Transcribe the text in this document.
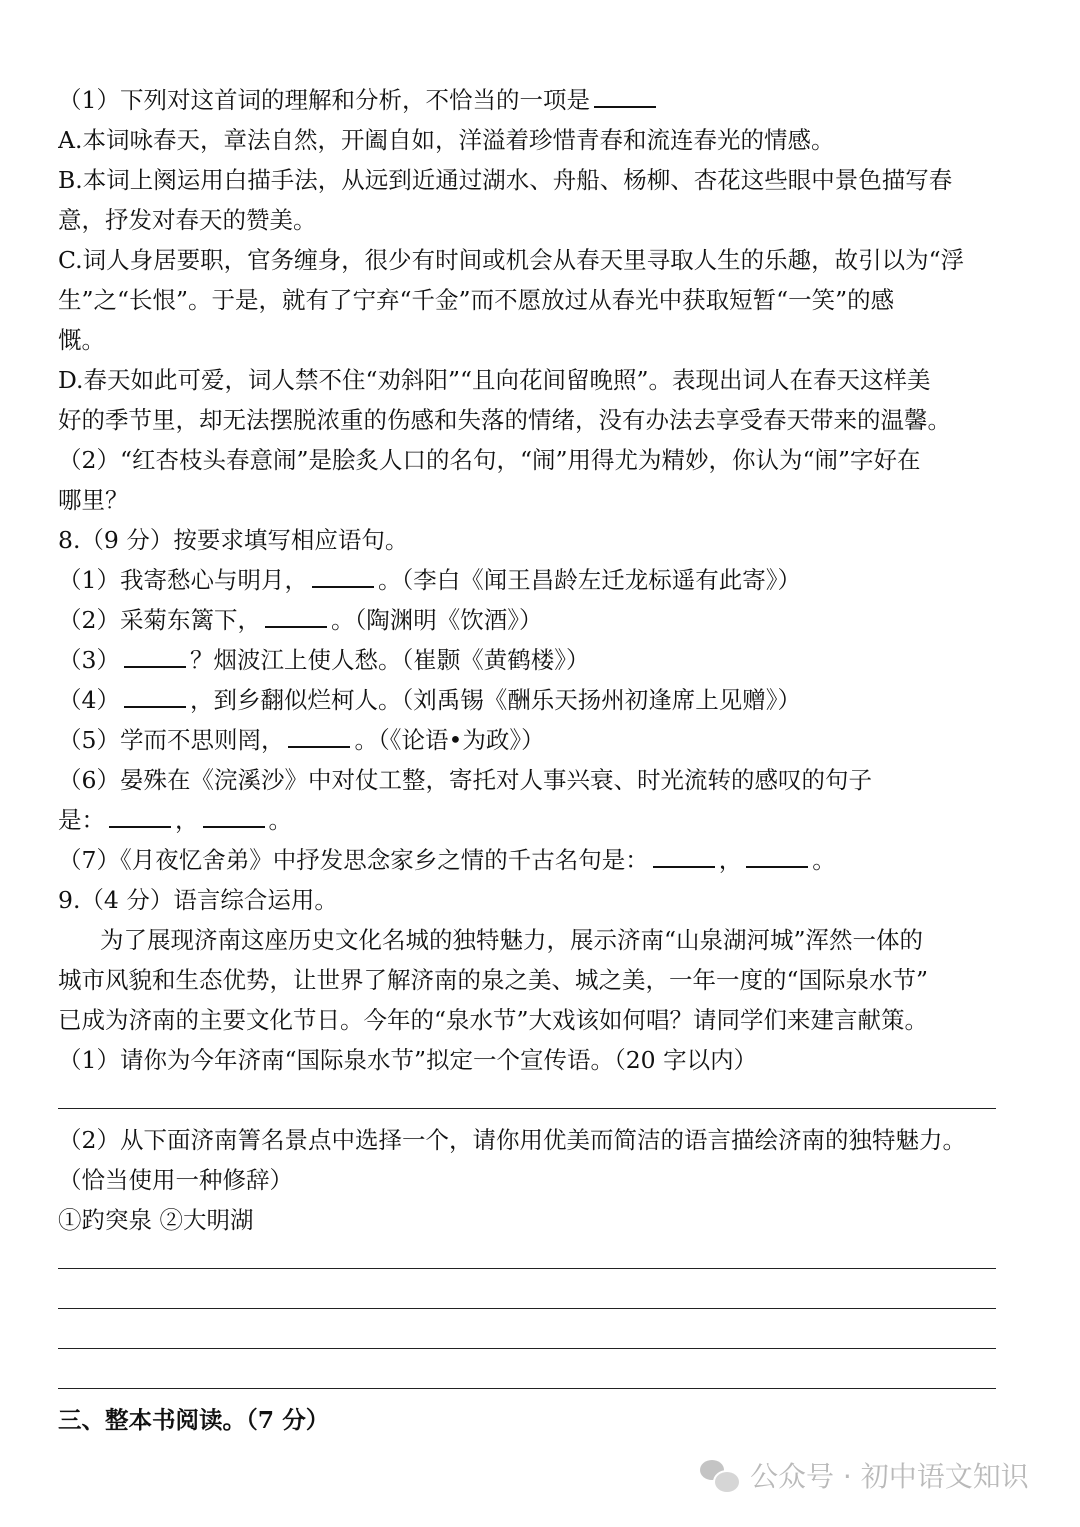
（1）下列对这首词的理解和分析，不恰当的一项是
A.本词咏春天，章法自然，开阖自如，洋溢着珍惜青春和流连春光的情感。
B.本词上阕运用白描手法，从远到近通过湖水、舟船、杨柳、杏花这些眼中景色描写春
意，抒发对春天的赞美。
C.词人身居要职，官务缠身，很少有时间或机会从春天里寻取人生的乐趣，故引以为“浮
生”之“长恨”。于是，就有了宁弃“千金”而不愿放过从春光中获取短暂“一笑”的感
慨。
D.春天如此可爱，词人禁不住“劝斜阳”“且向花间留晚照”。表现出词人在春天这样美
好的季节里，却无法摆脱浓重的伤感和失落的情绪，没有办法去享受春天带来的温馨。
（2）“红杏枝头春意闹”是脍炙人口的名句，“闹”用得尤为精妙，你认为“闹”字好在
哪里？
8.（9 分）按要求填写相应语句。
（1）我寄愁心与明月，	。（李白《闻王昌龄左迁龙标遥有此寄》）
（2）采菊东篱下，	。（陶渊明《饮酒》）
（3）	？烟波江上使人愁。（崔颢《黄鹤楼》）
（4）	，到乡翻似烂柯人。（刘禹锡《酬乐天扬州初逢席上见赠》）
（5）学而不思则罔，	。（《论语•为政》）
（6）晏殊在《浣溪沙》中对仗工整，寄托对人事兴衰、时光流转的感叹的句子
是：	，	。
（7）《月夜忆舍弟》中抒发思念家乡之情的千古名句是：	，	。
9.（4 分）语言综合运用。
为了展现济南这座历史文化名城的独特魅力，展示济南“山泉湖河城”浑然一体的
城市风貌和生态优势，让世界了解济南的泉之美、城之美，一年一度的“国际泉水节”
已成为济南的主要文化节日。今年的“泉水节”大戏该如何唱？请同学们来建言献策。
（1）请你为今年济南“国际泉水节”拟定一个宣传语。（20 字以内）
（2）从下面济南箐名景点中选择一个，请你用优美而简洁的语言描绘济南的独特魅力。
（恰当使用一种修辞）
①趵突泉 ②大明湖
三、整本书阅读。（7 分）
公众号 · 初中语文知识
